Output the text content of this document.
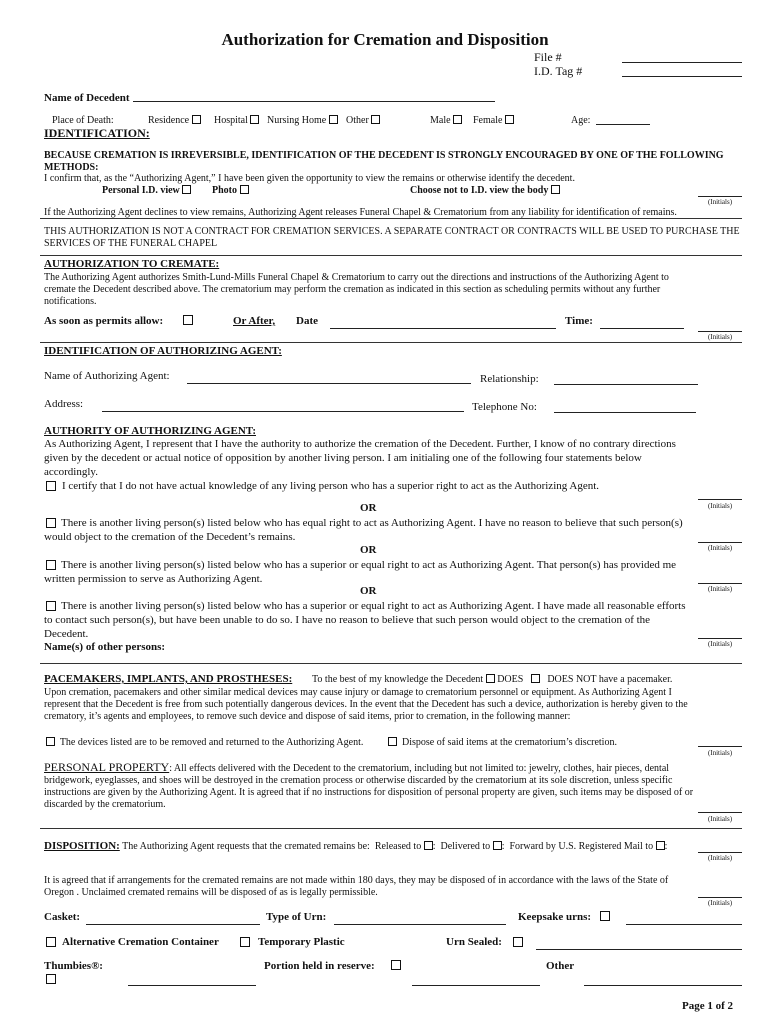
Authorization for Cremation and Disposition
File #
I.D. Tag #
Name of Decedent
Place of Death:	Residence	Hospital	Nursing Home	Other	Male	Female	Age:
IDENTIFICATION:
BECAUSE CREMATION IS IRREVERSIBLE, IDENTIFICATION OF THE DECEDENT IS STRONGLY ENCOURAGED BY ONE OF THE FOLLOWING METHODS:
I confirm that, as the “Authorizing Agent,” I have been given the opportunity to view the remains or otherwise identify the decedent.
Personal I.D. view	Photo	Choose not to I.D. view the body
(Initials)
If the Authorizing Agent declines to view remains, Authorizing Agent releases Funeral Chapel & Crematorium from any liability for identification of remains.
THIS AUTHORIZATION IS NOT A CONTRACT FOR CREMATION SERVICES. A SEPARATE CONTRACT OR CONTRACTS WILL BE USED TO PURCHASE THE SERVICES OF THE FUNERAL CHAPEL
AUTHORIZATION TO CREMATE:
The Authorizing Agent authorizes Smith-Lund-Mills Funeral Chapel & Crematorium to carry out the directions and instructions of the Authorizing Agent to cremate the Decedent described above. The crematorium may perform the cremation as indicated in this section as scheduling permits without any further notifications.
As soon as permits allow:	Or After, Date	Time:
(Initials)
IDENTIFICATION OF AUTHORIZING AGENT:
Name of Authorizing Agent:	Relationship:
Address:	Telephone No:
AUTHORITY OF AUTHORIZING AGENT:
As Authorizing Agent, I represent that I have the authority to authorize the cremation of the Decedent. Further, I know of no contrary directions given by the decedent or actual notice of opposition by another living person. I am initialing one of the following four statements below accordingly.
I certify that I do not have actual knowledge of any living person who has a superior right to act as the Authorizing Agent.
(Initials)
OR
There is another living person(s) listed below who has equal right to act as Authorizing Agent. I have no reason to believe that such person(s) would object to the cremation of the Decedent’s remains.
(Initials)
OR
There is another living person(s) listed below who has a superior or equal right to act as Authorizing Agent. That person(s) has provided me written permission to serve as Authorizing Agent.
(Initials)
OR
There is another living person(s) listed below who has a superior or equal right to act as Authorizing Agent. I have made all reasonable efforts to contact such person(s), but have been unable to do so. I have no reason to believe that such person would object to the cremation of the Decedent.
Name(s) of other persons:	(Initials)
PACEMAKERS, IMPLANTS, AND PROSTHESES: To the best of my knowledge the Decedent DOES DOES NOT have a pacemaker.
Upon cremation, pacemakers and other similar medical devices may cause injury or damage to crematorium personnel or equipment. As Authorizing Agent I represent that the Decedent is free from such potentially dangerous devices. In the event that the Decedent has such a device, authorization is hereby given to the crematory, it’s agents and employees, to remove such device and dispose of said items, prior to cremation, in the following manner:
The devices listed are to be removed and returned to the Authorizing Agent.	Dispose of said items at the crematorium’s discretion.
(Initials)
PERSONAL PROPERTY: All effects delivered with the Decedent to the crematorium, including but not limited to: jewelry, clothes, hair pieces, dental bridgework, eyeglasses, and shoes will be destroyed in the cremation process or otherwise discarded by the crematorium at its sole discretion, unless specific instructions are given by the Authorizing Agent. It is agreed that if no instructions for disposition of personal property are given, such items may be disposed of or discarded by the crematorium.
(Initials)
DISPOSITION: The Authorizing Agent requests that the cremated remains be: Released to :  Delivered to :  Forward by U.S. Registered Mail to :
(Initials)
It is agreed that if arrangements for the cremated remains are not made within 180 days, they may be disposed of in accordance with the laws of the State of Oregon . Unclaimed cremated remains will be disposed of as is legally permissible.
(Initials)
Casket:	Type of Urn:	Keepsake urns:
Alternative Cremation Container	Temporary Plastic	Urn Sealed:
Thumbies®:	Portion held in reserve:	Other
Page 1 of 2
